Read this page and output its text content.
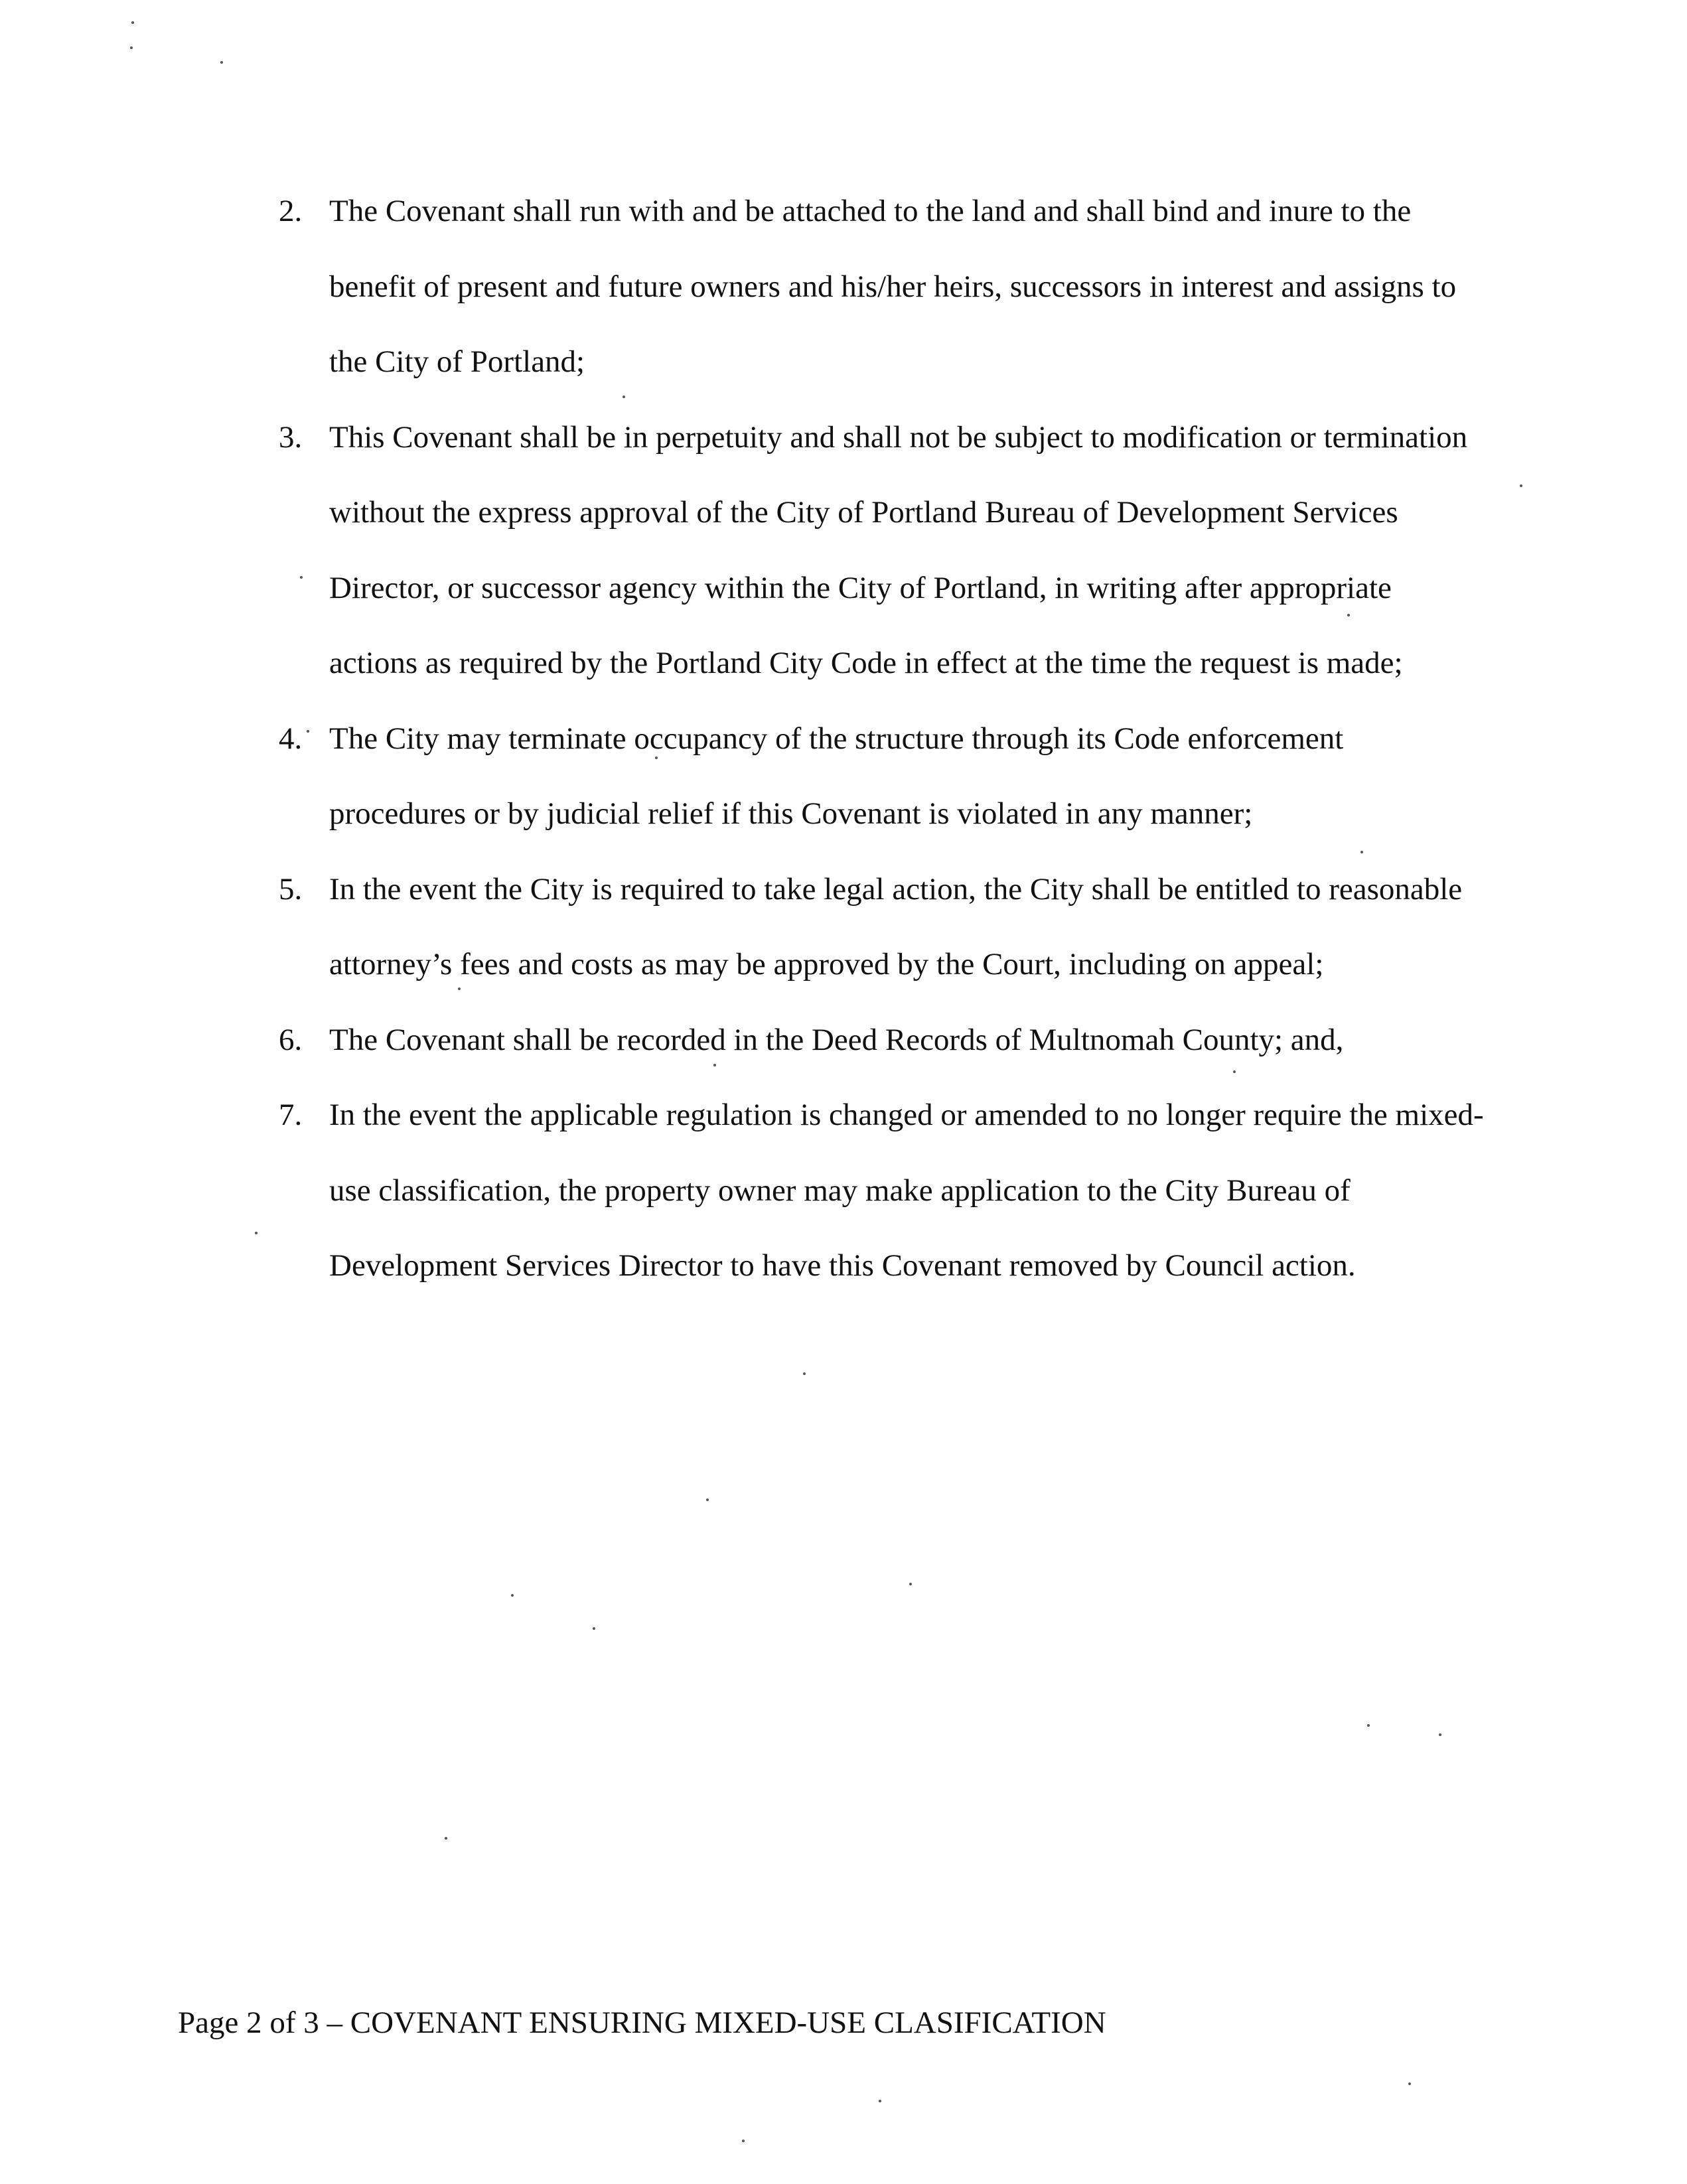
2. The Covenant shall run with and be attached to the land and shall bind and inure to the benefit of present and future owners and his/her heirs, successors in interest and assigns to the City of Portland;
3. This Covenant shall be in perpetuity and shall not be subject to modification or termination without the express approval of the City of Portland Bureau of Development Services Director, or successor agency within the City of Portland, in writing after appropriate actions as required by the Portland City Code in effect at the time the request is made;
4. The City may terminate occupancy of the structure through its Code enforcement procedures or by judicial relief if this Covenant is violated in any manner;
5. In the event the City is required to take legal action, the City shall be entitled to reasonable attorney’s fees and costs as may be approved by the Court, including on appeal;
6. The Covenant shall be recorded in the Deed Records of Multnomah County; and,
7. In the event the applicable regulation is changed or amended to no longer require the mixed-use classification, the property owner may make application to the City Bureau of Development Services Director to have this Covenant removed by Council action.
Page 2 of 3 – COVENANT ENSURING MIXED-USE CLASIFICATION
